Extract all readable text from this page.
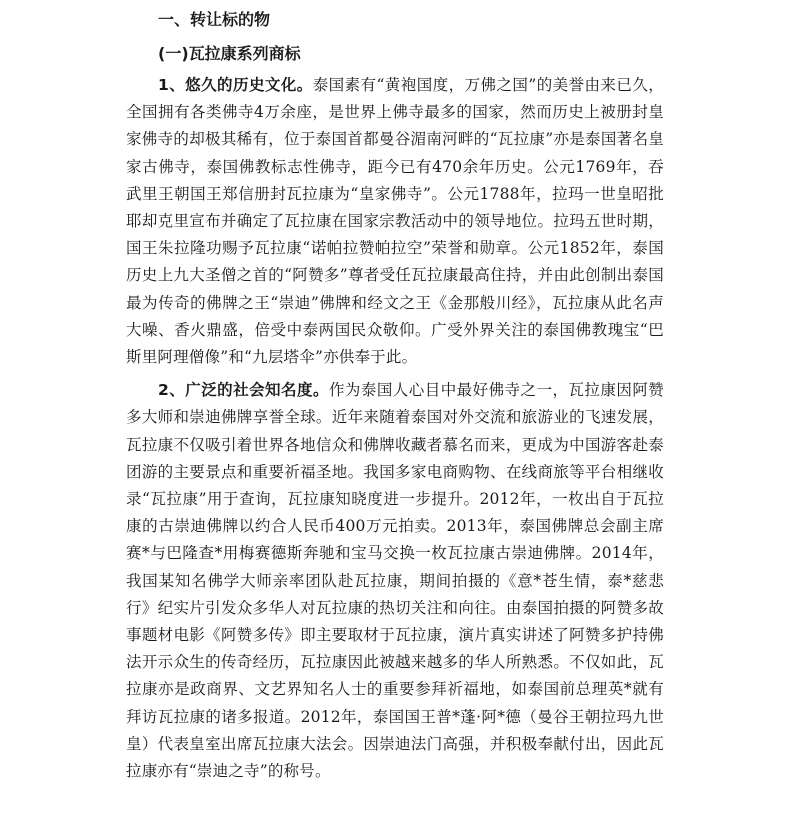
一、转让标的物
(一)瓦拉康系列商标

1、悠久的历史文化。泰国素有“黄袍国度，万佛之国”的美誉由来已久，全国拥有各类佛寺4万余座，是世界上佛寺最多的国家，然而历史上被册封皇家佛寺的却极其稀有，位于泰国首都曼谷湄南河畔的“瓦拉康”亦是泰国著名皇家古佛寺，泰国佛教标志性佛寺，距今已有470余年历史。公元1769年，吞武里王朝国王郑信册封瓦拉康为“皇家佛寺”。公元1788年，拉玛一世皇昭批耶却克里宣布并确定了瓦拉康在国家宗教活动中的领导地位。拉玛五世时期，国王朱拉隆功赐予瓦拉康“诺帕拉赞帕拉空”荣誉和勋章。公元1852年，泰国历史上九大圣僧之首的“阿赞多”尊者受任瓦拉康最高住持，并由此创制出泰国最为传奇的佛牌之王“崇迪”佛牌和经文之王《金那般川经》，瓦拉康从此名声大噪、香火鼎盛，倍受中泰两国民众敬仰。广受外界关注的泰国佛教瑰宝“巴斯里阿理僧像”和“九层塔伞”亦供奉于此。

2、广泛的社会知名度。作为泰国人心目中最好佛寺之一，瓦拉康因阿赞多大师和崇迪佛牌享誉全球。近年来随着泰国对外交流和旅游业的飞速发展，瓦拉康不仅吸引着世界各地信众和佛牌收藏者慕名而来，更成为中国游客赴泰团游的主要景点和重要祈福圣地。我国多家电商购物、在线商旅等平台相继收录“瓦拉康”用于查询，瓦拉康知晓度进一步提升。2012年，一枚出自于瓦拉康的古崇迪佛牌以约合人民币400万元拍卖。2013年，泰国佛牌总会副主席赛*与巴隆查*用梅赛德斯奔驰和宝马交换一枚瓦拉康古崇迪佛牌。2014年，我国某知名佛学大师亲率团队赴瓦拉康，期间拍摄的《意*苍生情，泰*慈悲行》纪实片引发众多华人对瓦拉康的热切关注和向往。由泰国拍摄的阿赞多故事题材电影《阿赞多传》即主要取材于瓦拉康，演片真实讲述了阿赞多护持佛法开示众生的传奇经历，瓦拉康因此被越来越多的华人所熟悉。不仅如此，瓦拉康亦是政商界、文艺界知名人士的重要参拜祈福地，如泰国前总理英*就有拜访瓦拉康的诸多报道。2012年，泰国国王普*蓬·阿*德（曼谷王朝拉玛九世皇）代表皇室出席瓦拉康大法会。因崇迪法门高强，并积极奉献付出，因此瓦拉康亦有“崇迪之寺”的称号。
